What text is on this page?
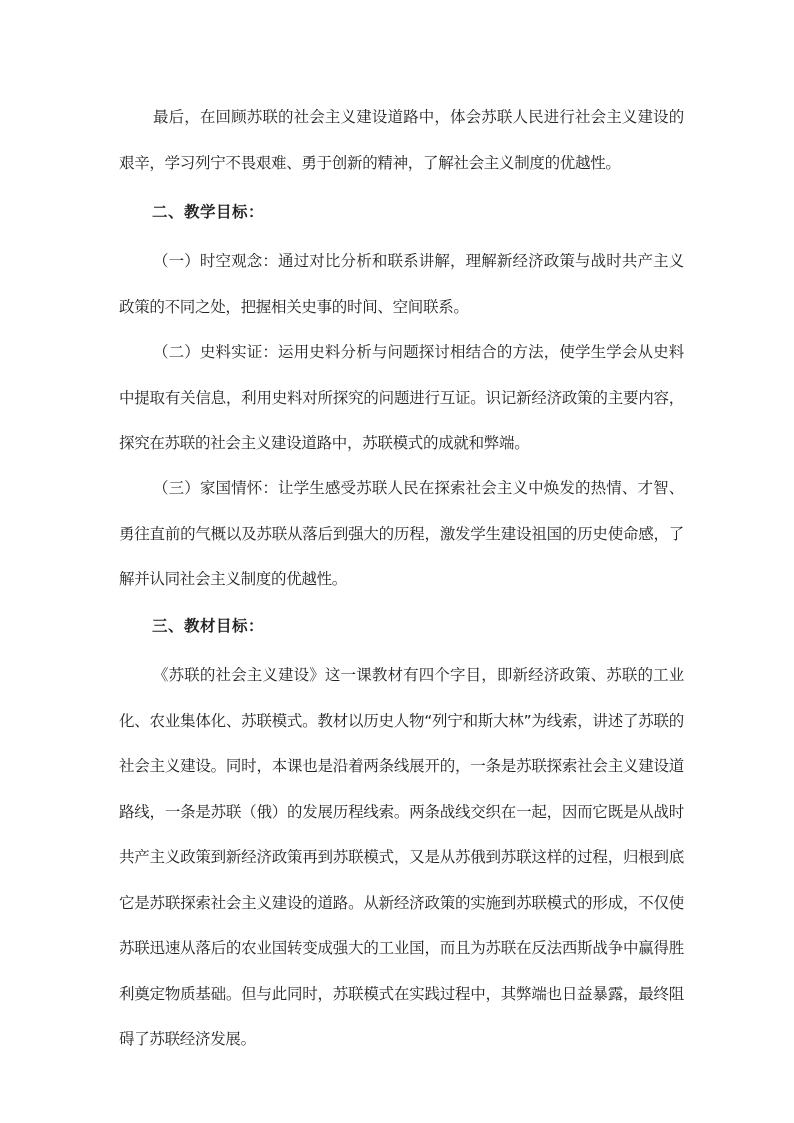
最后，在回顾苏联的社会主义建设道路中，体会苏联人民进行社会主义建设的艰辛，学习列宁不畏艰难、勇于创新的精神，了解社会主义制度的优越性。

二、教学目标：

（一）时空观念：通过对比分析和联系讲解，理解新经济政策与战时共产主义政策的不同之处，把握相关史事的时间、空间联系。

（二）史料实证：运用史料分析与问题探讨相结合的方法，使学生学会从史料中提取有关信息，利用史料对所探究的问题进行互证。识记新经济政策的主要内容，探究在苏联的社会主义建设道路中，苏联模式的成就和弊端。

（三）家国情怀：让学生感受苏联人民在探索社会主义中焕发的热情、才智、勇往直前的气概以及苏联从落后到强大的历程，激发学生建设祖国的历史使命感，了解并认同社会主义制度的优越性。

三、教材目标：

《苏联的社会主义建设》这一课教材有四个字目，即新经济政策、苏联的工业化、农业集体化、苏联模式。教材以历史人物“列宁和斯大林”为线索，讲述了苏联的社会主义建设。同时，本课也是沿着两条线展开的，一条是苏联探索社会主义建设道路线，一条是苏联（俄）的发展历程线索。两条战线交织在一起，因而它既是从战时共产主义政策到新经济政策再到苏联模式，又是从苏俄到苏联这样的过程，归根到底它是苏联探索社会主义建设的道路。从新经济政策的实施到苏联模式的形成，不仅使苏联迅速从落后的农业国转变成强大的工业国，而且为苏联在反法西斯战争中赢得胜利奠定物质基础。但与此同时，苏联模式在实践过程中，其弊端也日益暴露，最终阻碍了苏联经济发展。
